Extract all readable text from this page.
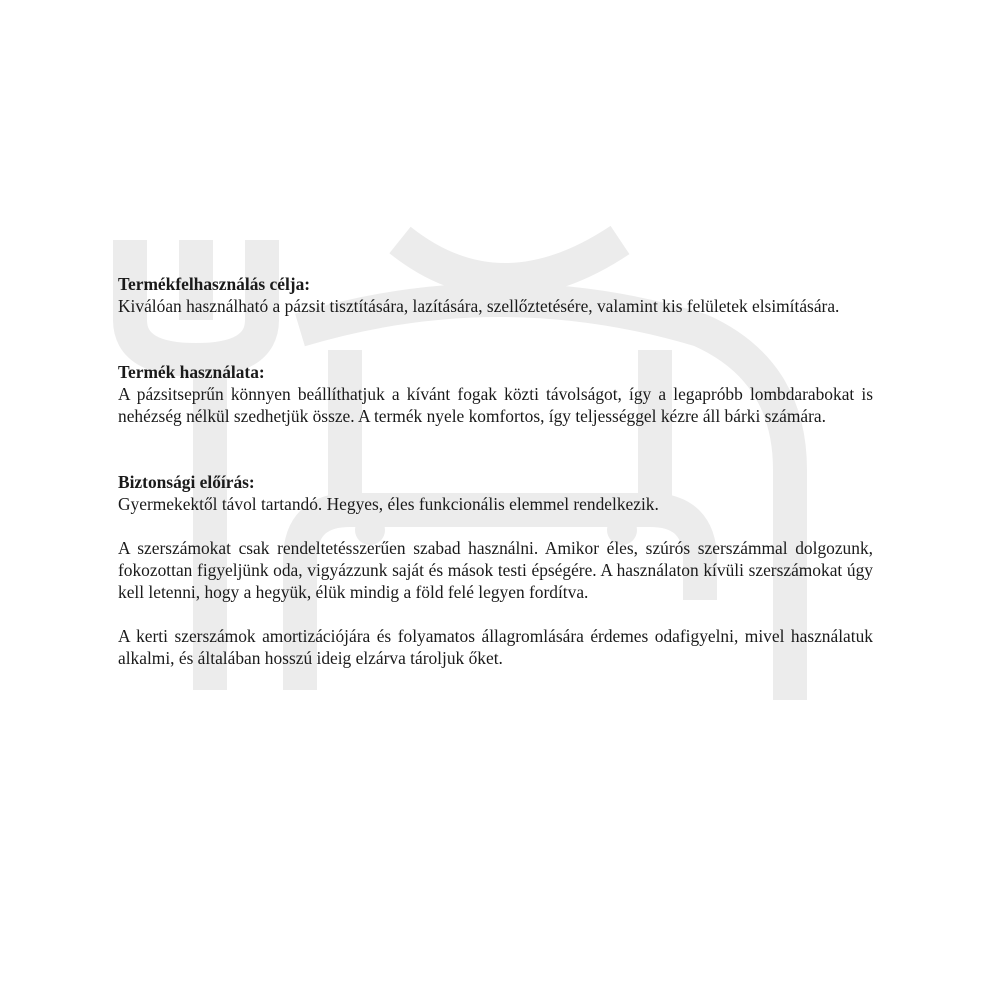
Termékfelhasználás célja:

Kiválóan használható a pázsit tisztítására, lazítására, szellőztetésére, valamint kis felületek elsimítására.

Termék használata:

A pázsitseprűn könnyen beállíthatjuk a kívánt fogak közti távolságot, így a legapróbb lombdarabokat is nehézség nélkül szedhetjük össze. A termék nyele komfortos, így teljességgel kézre áll bárki számára.

Biztonsági előírás:

Gyermekektől távol tartandó. Hegyes, éles funkcionális elemmel rendelkezik.

A szerszámokat csak rendeltetésszerűen szabad használni. Amikor éles, szúrós szerszámmal dolgozunk, fokozottan figyeljünk oda, vigyázzunk saját és mások testi épségére. A használaton kívüli szerszámokat úgy kell letenni, hogy a hegyük, élük mindig a föld felé legyen fordítva.

A kerti szerszámok amortizációjára és folyamatos állagromlására érdemes odafigyelni, mivel használatuk alkalmi, és általában hosszú ideig elzárva tároljuk őket.
